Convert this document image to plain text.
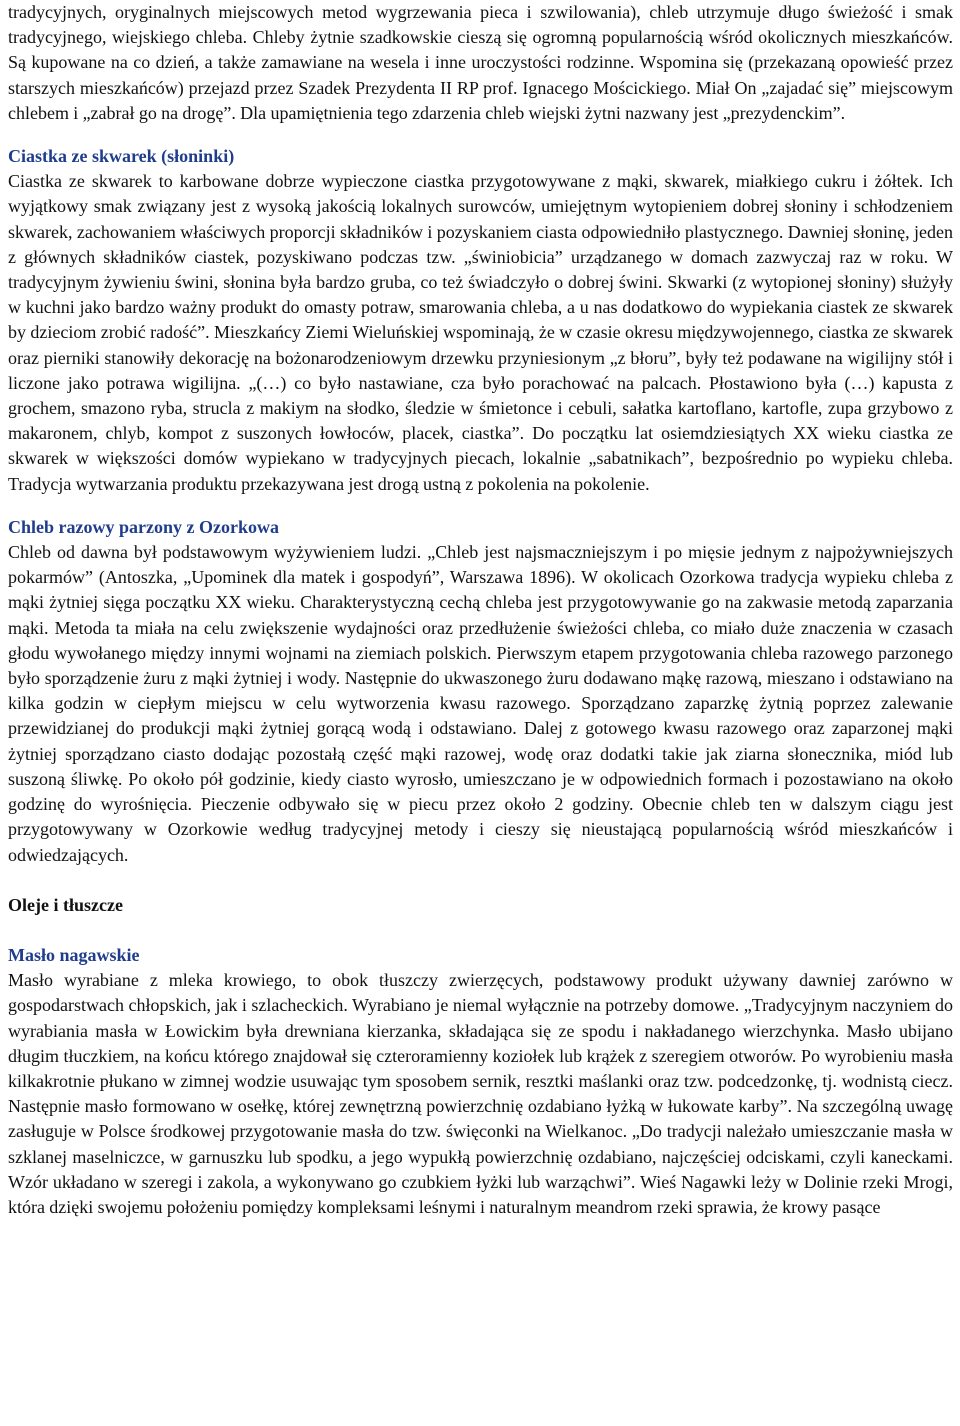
tradycyjnych, oryginalnych miejscowych metod wygrzewania pieca i szwilowania), chleb utrzymuje długo świeżość i smak tradycyjnego, wiejskiego chleba. Chleby żytnie szadkowskie cieszą się ogromną popularnością wśród okolicznych mieszkańców. Są kupowane na co dzień, a także zamawiane na wesela i inne uroczystości rodzinne. Wspomina się (przekazaną opowieść przez starszych mieszkańców) przejazd przez Szadek Prezydenta II RP prof. Ignacego Mościckiego. Miał On „zajadać się” miejscowym chlebem i „zabrał go na drogę”. Dla upamiętnienia tego zdarzenia chleb wiejski żytni nazwany jest „prezydenckim”.

Ciastka ze skwarek (słoninki)

Ciastka ze skwarek to karbowane dobrze wypieczone ciastka przygotowywane z mąki, skwarek, miałkiego cukru i żółtek. Ich wyjątkowy smak związany jest z wysoką jakością lokalnych surowców, umiejętnym wytopieniem dobrej słoniny i schłodzeniem skwarek, zachowaniem właściwych proporcji składników i pozyskaniem ciasta odpowiedniło plastycznego. Dawniej słoninę, jeden z głównych składników ciastek, pozyskiwano podczas tzw. „świniobicia” urządzanego w domach zazwyczaj raz w roku. W tradycyjnym żywieniu świni, słonina była bardzo gruba, co też świadczyło o dobrej świni. Skwarki (z wytopionej słoniny) służyły w kuchni jako bardzo ważny produkt do omasty potraw, smarowania chleba, a u nas dodatkowo do wypiekania ciastek ze skwarek by dzieciom zrobić radość”. Mieszkańcy Ziemi Wieluńskiej wspominają, że w czasie okresu międzywojennego, ciastka ze skwarek oraz pierniki stanowiły dekorację na bożonarodzeniowym drzewku przyniesionym „z błoru”, były też podawane na wigilijny stół i liczone jako potrawa wigilijna. „(…) co było nastawiane, cza było porachować na palcach. Płostawiono była (…) kapusta z grochem, smazono ryba, strucla z makiym na słodko, śledzie w śmietonce i cebuli, sałatka kartoflano, kartofle, zupa grzybowo z makaronem, chlyb, kompot z suszonych łowłoców, placek, ciastka”. Do początku lat osiemdziesiątych XX wieku ciastka ze skwarek w większości domów wypiekano w tradycyjnych piecach, lokalnie „sabatnikach”, bezpośrednio po wypieku chleba. Tradycja wytwarzania produktu przekazywana jest drogą ustną z pokolenia na pokolenie.

Chleb razowy parzony z Ozorkowa

Chleb od dawna był podstawowym wyżywieniem ludzi. „Chleb jest najsmaczniejszym i po mięsie jednym z najpożywniejszych pokarmów” (Antoszka, „Upominek dla matek i gospodyń”, Warszawa 1896). W okolicach Ozorkowa tradycja wypieku chleba z mąki żytniej sięga początku XX wieku. Charakterystyczną cechą chleba jest przygotowywanie go na zakwasie metodą zaparzania mąki. Metoda ta miała na celu zwiększenie wydajności oraz przedłużenie świeżości chleba, co miało duże znaczenia w czasach głodu wywołanego między innymi wojnami na ziemiach polskich. Pierwszym etapem przygotowania chleba razowego parzonego było sporządzenie żuru z mąki żytniej i wody. Następnie do ukwaszonego żuru dodawano mąkę razową, mieszano i odstawiano na kilka godzin w ciepłym miejscu w celu wytworzenia kwasu razowego. Sporządzano zaparzkę żytnią poprzez zalewanie przewidzianej do produkcji mąki żytniej gorącą wodą i odstawiano. Dalej z gotowego kwasu razowego oraz zaparzonej mąki żytniej sporządzano ciasto dodając pozostałą część mąki razowej, wodę oraz dodatki takie jak ziarna słonecznika, miód lub suszoną śliwkę. Po około pół godzinie, kiedy ciasto wyrosło, umieszczano je w odpowiednich formach i pozostawiano na około godzinę do wyrośnięcia. Pieczenie odbywało się w piecu przez około 2 godziny. Obecnie chleb ten w dalszym ciągu jest przygotowywany w Ozorkowie według tradycyjnej metody i cieszy się nieustającą popularnością wśród mieszkańców i odwiedzających.

Oleje i tłuszcze
Masło nagawskie

Masło wyrabiane z mleka krowiego, to obok tłuszczy zwierzęcych, podstawowy produkt używany dawniej zarówno w gospodarstwach chłopskich, jak i szlacheckich. Wyrabiano je niemal wyłącznie na potrzeby domowe. „Tradycyjnym naczyniem do wyrabiania masła w Łowickim była drewniana kierzanka, składająca się ze spodu i nakładanego wierzchynka. Masło ubijano długim tłuczkiem, na końcu którego znajdował się czteroramienny koziołek lub krążek z szeregiem otworów. Po wyrobieniu masła kilkakrotnie płukano w zimnej wodzie usuwając tym sposobem sernik, resztki maślanki oraz tzw. podcedzonkę, tj. wodnistą ciecz. Następnie masło formowano w osełkę, której zewnętrzną powierzchnię ozdabiano łyżką w łukowate karby”. Na szczególną uwagę zasługuje w Polsce środkowej przygotowanie masła do tzw. święconki na Wielkanoc. „Do tradycji należało umieszczanie masła w szklanej maselniczce, w garnuszku lub spodku, a jego wypukłą powierzchnię ozdabiano, najczęściej odciskami, czyli kaneckami. Wzór układano w szeregi i zakola, a wykonywano go czubkiem łyżki lub warząchwi”. Wieś Nagawki leży w Dolinie rzeki Mrogi, która dzięki swojemu położeniu pomiędzy kompleksami leśnymi i naturalnym meandrom rzeki sprawia, że krowy pasące
